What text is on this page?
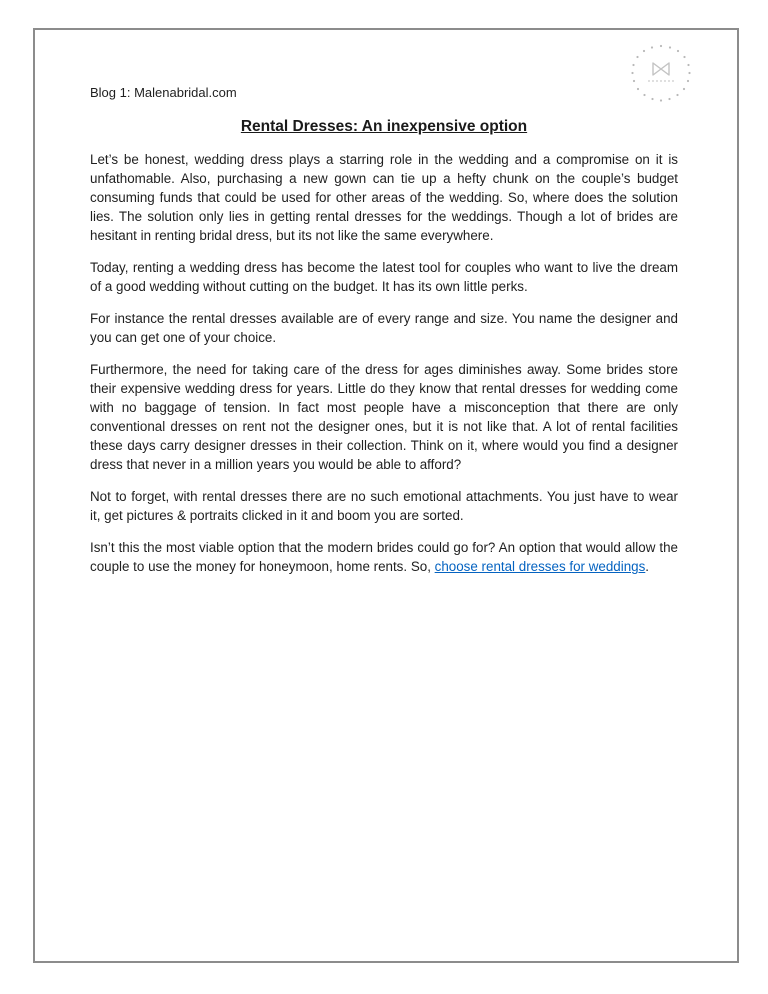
Blog 1: Malenabridal.com
Rental Dresses: An inexpensive option

Let’s be honest, wedding dress plays a starring role in the wedding and a compromise on it is unfathomable. Also, purchasing a new gown can tie up a hefty chunk on the couple’s budget consuming funds that could be used for other areas of the wedding. So, where does the solution lies. The solution only lies in getting rental dresses for the weddings. Though a lot of brides are hesitant in renting bridal dress, but its not like the same everywhere.

Today, renting a wedding dress has become the latest tool for couples who want to live the dream of a good wedding without cutting on the budget. It has its own little perks.

For instance the rental dresses available are of every range and size. You name the designer and you can get one of your choice.

Furthermore, the need for taking care of the dress for ages diminishes away. Some brides store their expensive wedding dress for years. Little do they know that rental dresses for wedding come with no baggage of tension. In fact most people have a misconception that there are only conventional dresses on rent not the designer ones, but it is not like that. A lot of rental facilities these days carry designer dresses in their collection. Think on it, where would you find a designer dress that never in a million years you would be able to afford?

Not to forget, with rental dresses there are no such emotional attachments. You just have to wear it, get pictures & portraits clicked in it and boom you are sorted.

Isn’t this the most viable option that the modern brides could go for? An option that would allow the couple to use the money for honeymoon, home rents. So, choose rental dresses for weddings.
